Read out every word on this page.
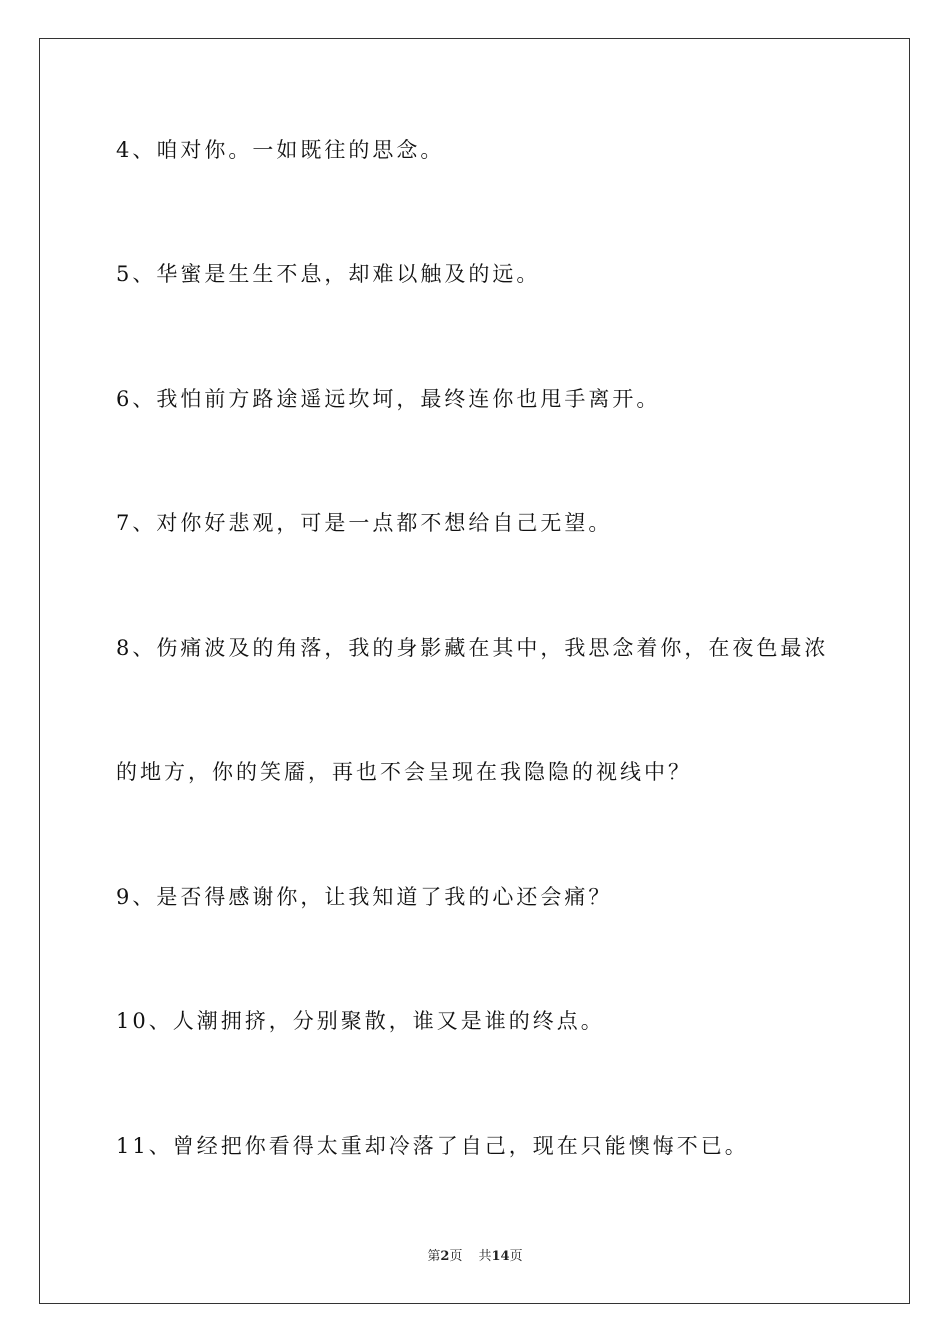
4、咱对你。一如既往的思念。
5、华蜜是生生不息，却难以触及的远。
6、我怕前方路途遥远坎坷，最终连你也甩手离开。
7、对你好悲观，可是一点都不想给自己无望。
8、伤痛波及的角落，我的身影藏在其中，我思念着你，在夜色最浓
的地方，你的笑靥，再也不会呈现在我隐隐的视线中？
9、是否得感谢你，让我知道了我的心还会痛？
10、人潮拥挤，分别聚散，谁又是谁的终点。
11、曾经把你看得太重却冷落了自己，现在只能懊悔不已。
第2页 共14页
